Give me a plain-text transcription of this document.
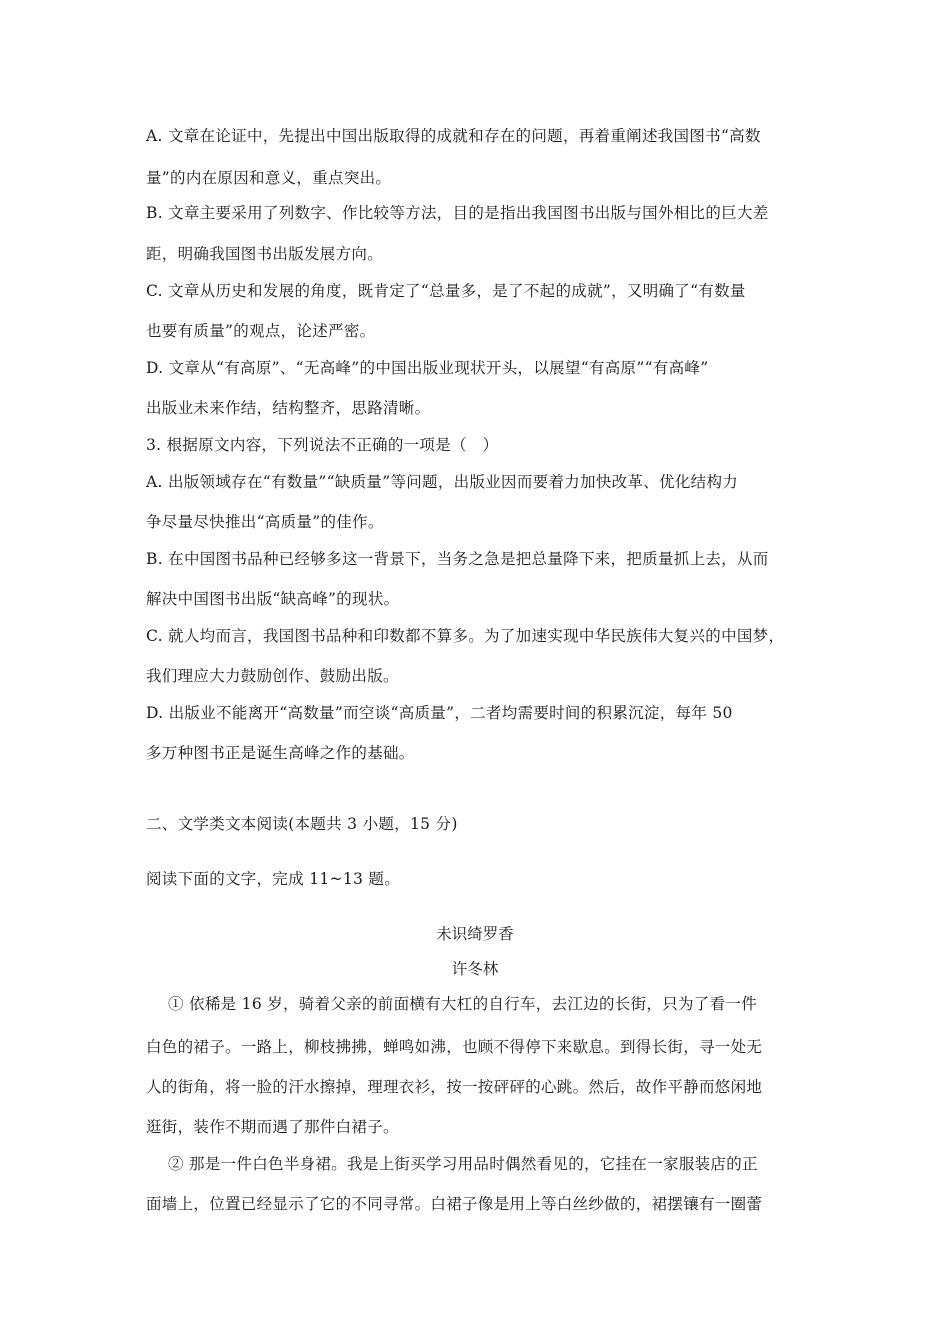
A. 文章在论证中，先提出中国出版取得的成就和存在的问题，再着重阐述我国图书“高数
量”的内在原因和意义，重点突出。
B. 文章主要采用了列数字、作比较等方法，目的是指出我国图书出版与国外相比的巨大差
距，明确我国图书出版发展方向。
C. 文章从历史和发展的角度，既肯定了“总量多，是了不起的成就”，又明确了“有数量
也要有质量”的观点，论述严密。
D. 文章从“有高原”、“无高峰”的中国出版业现状开头，以展望“有高原”“有高峰”
出版业未来作结，结构整齐，思路清晰。
3. 根据原文内容，下列说法不正确的一项是（　）
A. 出版领域存在“有数量”“缺质量”等问题，出版业因而要着力加快改革、优化结构力
争尽量尽快推出“高质量”的佳作。
B. 在中国图书品种已经够多这一背景下，当务之急是把总量降下来，把质量抓上去，从而
解决中国图书出版“缺高峰”的现状。
C. 就人均而言，我国图书品种和印数都不算多。为了加速实现中华民族伟大复兴的中国梦，
我们理应大力鼓励创作、鼓励出版。
D. 出版业不能离开“高数量”而空谈“高质量”，二者均需要时间的积累沉淀，每年 50
多万种图书正是诞生高峰之作的基础。
二、文学类文本阅读(本题共 3 小题，15 分)
阅读下面的文字，完成 11~13 题。
未识绮罗香
许冬林
① 依稀是 16 岁，骑着父亲的前面横有大杠的自行车，去江边的长街，只为了看一件
白色的裙子。一路上，柳枝拂拂，蝉鸣如沸，也顾不得停下来歇息。到得长街，寻一处无
人的街角，将一脸的汗水擦掉，理理衣衫，按一按砰砰的心跳。然后，故作平静而悠闲地
逛街，装作不期而遇了那件白裙子。
② 那是一件白色半身裙。我是上街买学习用品时偶然看见的，它挂在一家服装店的正
面墙上，位置已经显示了它的不同寻常。白裙子像是用上等白丝纱做的，裙摆镶有一圈蕾
